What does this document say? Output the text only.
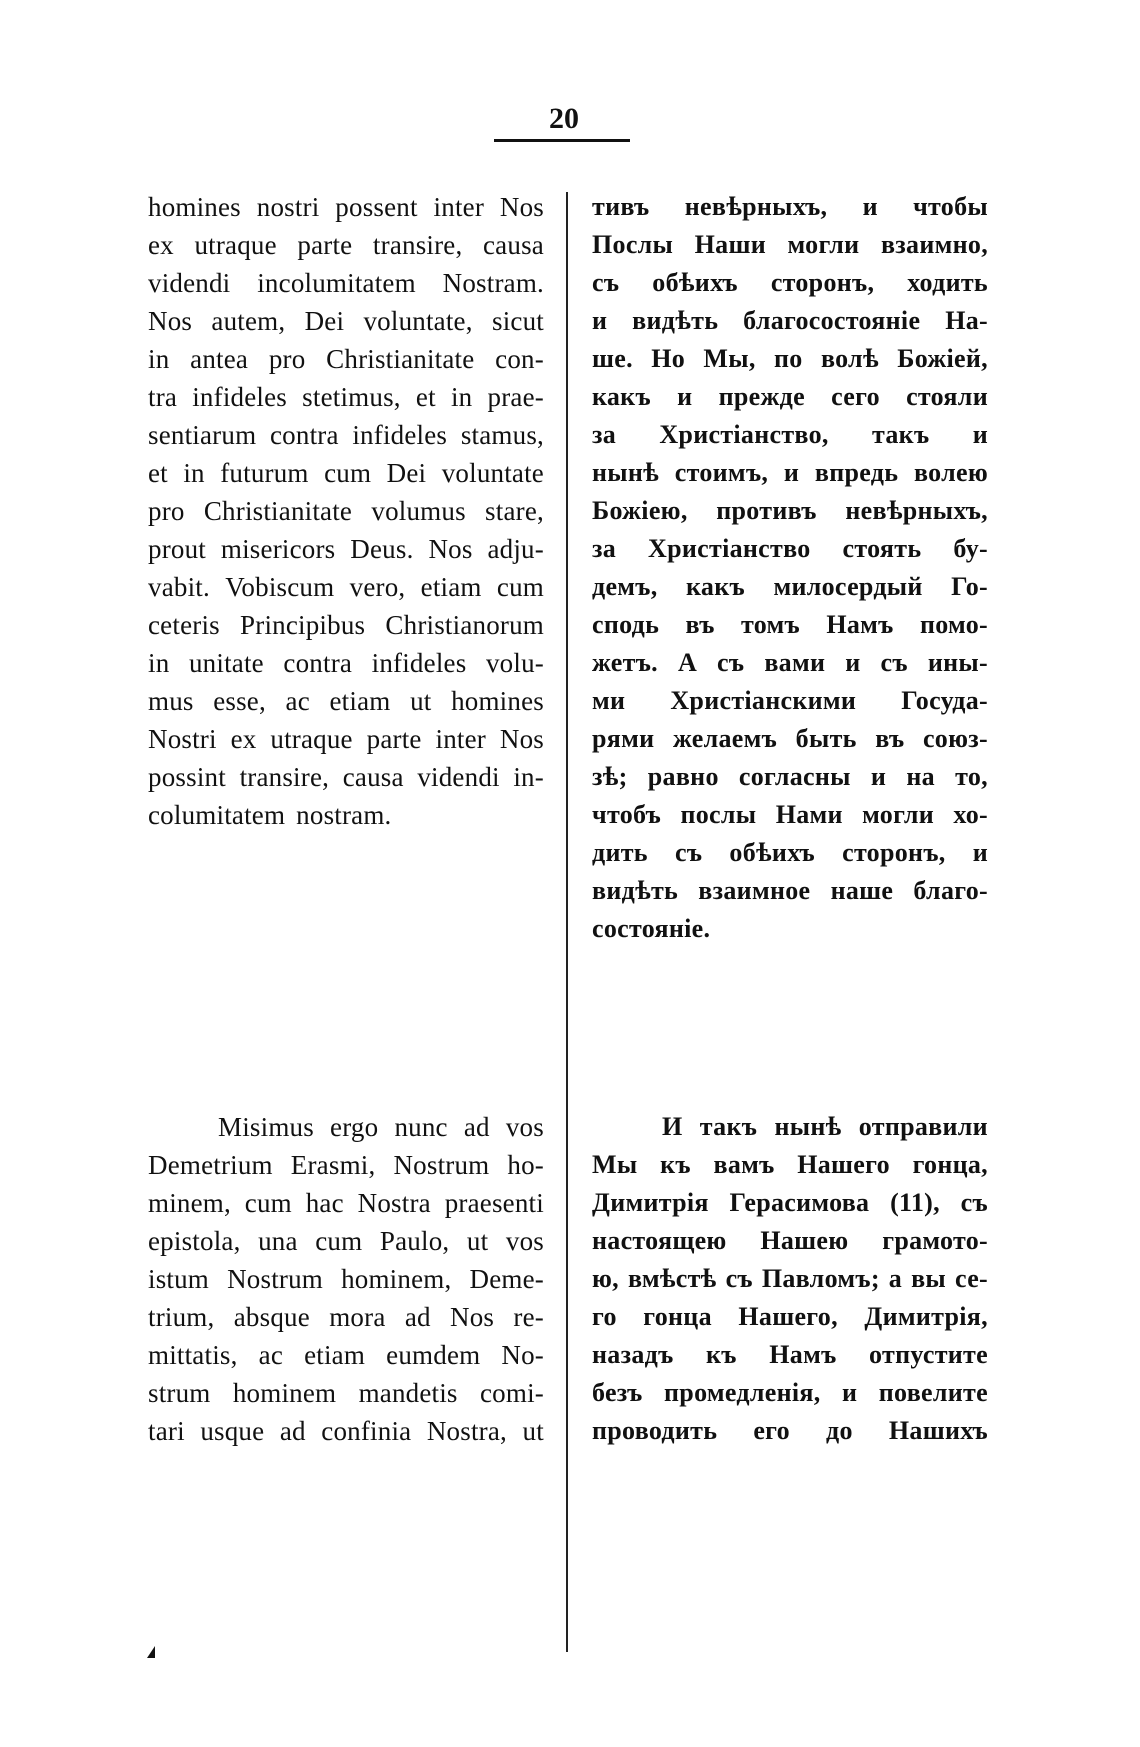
20
homines nostri possent inter Nos
ex utraque parte transire, causa
videndi incolumitatem Nostram.
Nos autem, Dei voluntate, sicut
in antea pro Christianitate con-
tra infideles stetimus, et in prae-
sentiarum contra infideles stamus,
et in futurum cum Dei voluntate
pro Christianitate volumus stare,
prout misericors Deus. Nos adju-
vabit. Vobiscum vero, etiam cum
ceteris Principibus Christianorum
in unitate contra infideles volu-
mus esse, ac etiam ut homines
Nostri ex utraque parte inter Nos
possint transire, causa videndi in-
columitatem nostram.
Misimus ergo nunc ad vos
Demetrium Erasmi, Nostrum ho-
minem, cum hac Nostra praesenti
epistola, una cum Paulo, ut vos
istum Nostrum hominem, Deme-
trium, absque mora ad Nos re-
mittatis, ac etiam eumdem No-
strum hominem mandetis comi-
tari usque ad confinia Nostra, ut
тивъ невѣрныхъ, и чтобы
Послы Наши могли взаимно,
съ обѣихъ сторонъ, ходить
и видѣть благосостояніе На-
ше. Но Мы, по волѣ Божіей,
какъ и прежде сего стояли
за Христіанство, такъ и
нынѣ стоимъ, и впредь волею
Божіею, противъ невѣрныхъ,
за Христіанство стоять бу-
демъ, какъ милосердый Го-
сподь въ томъ Намъ помо-
жетъ. А съ вами и съ ины-
ми Христіанскими Госуда-
рями желаемъ быть въ союз-
зѣ; равно согласны и на то,
чтобъ послы Нами могли хо-
дить съ обѣихъ сторонъ, и
видѣть взаимное наше благо-
состояніе.
И такъ нынѣ отправили
Мы къ вамъ Нашего гонца,
Димитрія Герасимова (11), съ
настоящею Нашею грамото-
ю, вмѣстѣ съ Павломъ; а вы се-
го гонца Нашего, Димитрія,
назадъ къ Намъ отпустите
безъ промедленія, и повелите
проводить его до Нашихъ
